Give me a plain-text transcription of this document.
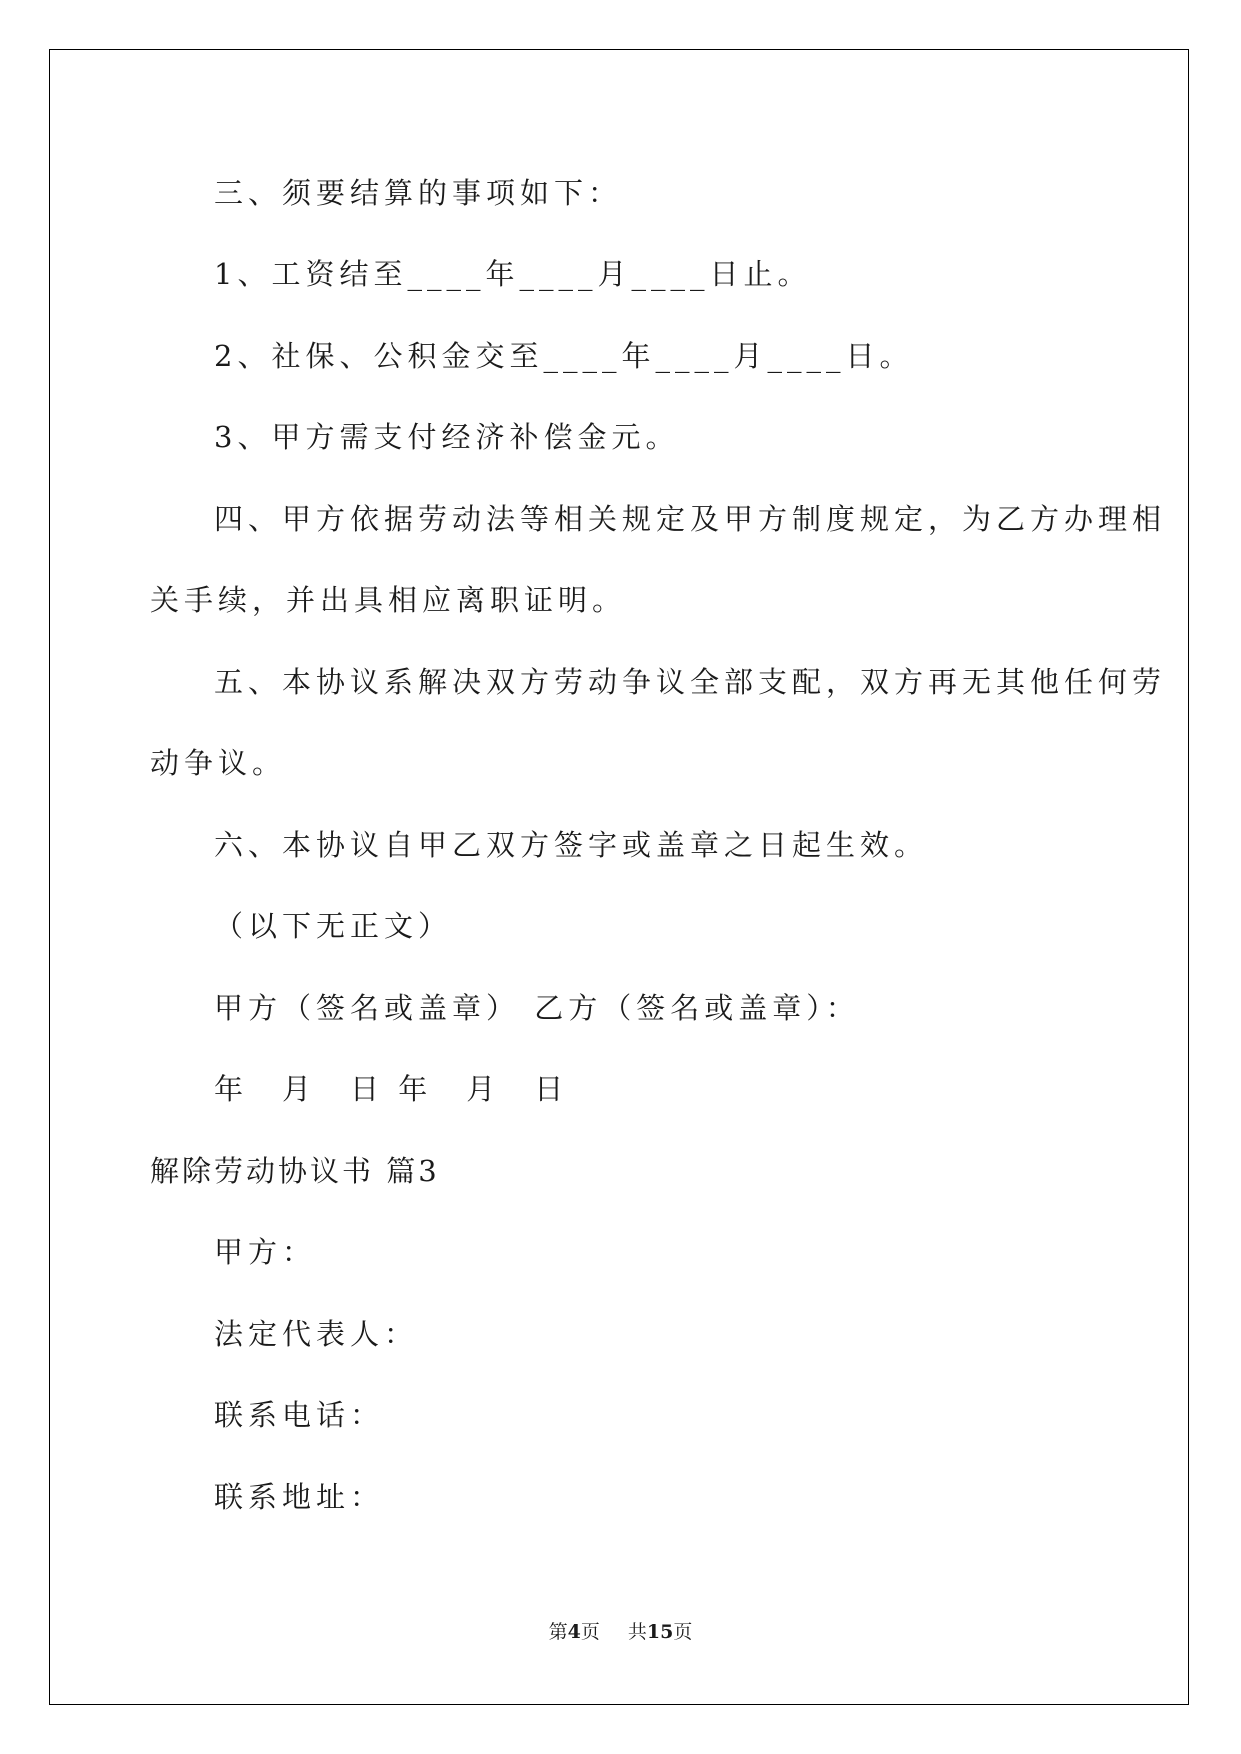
三、须要结算的事项如下：
1、工资结至____年____月____日止。
2、社保、公积金交至____年____月____日。
3、甲方需支付经济补偿金元。
四、甲方依据劳动法等相关规定及甲方制度规定，为乙方办理相
关手续，并出具相应离职证明。
五、本协议系解决双方劳动争议全部支配，双方再无其他任何劳
动争议。
六、本协议自甲乙双方签字或盖章之日起生效。
（以下无正文）
甲方（签名或盖章） 乙方（签名或盖章）：
年　月　日 年　月　日
解除劳动协议书 篇3
甲方：
法定代表人：
联系电话：
联系地址：
第4页 共15页
